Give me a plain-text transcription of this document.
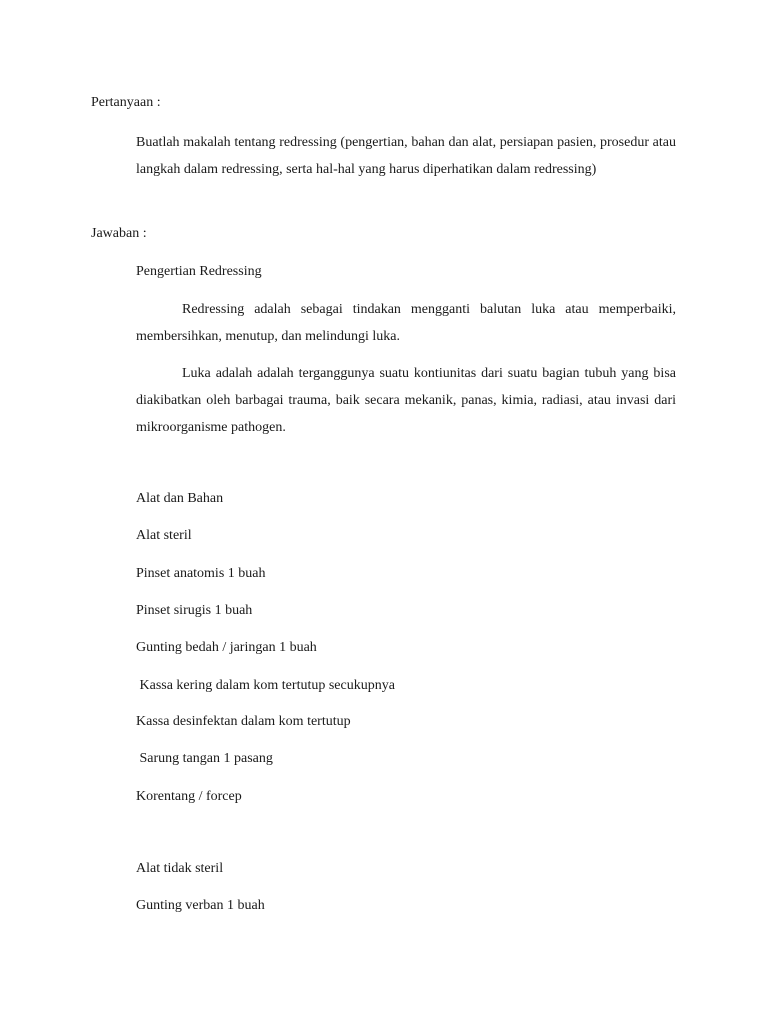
Pertanyaan :

Buatlah makalah tentang redressing (pengertian, bahan dan alat, persiapan pasien, prosedur atau langkah dalam redressing, serta hal-hal yang harus diperhatikan dalam redressing)

Jawaban :
Pengertian Redressing

Redressing adalah sebagai tindakan mengganti balutan luka atau memperbaiki, membersihkan, menutup, dan melindungi luka.

Luka adalah adalah terganggunya suatu kontiunitas dari suatu bagian tubuh yang bisa diakibatkan oleh barbagai trauma, baik secara mekanik, panas, kimia, radiasi, atau invasi dari mikroorganisme pathogen.

Alat dan Bahan
Alat steril
Pinset anatomis 1 buah
Pinset sirugis 1 buah
Gunting bedah / jaringan 1 buah
Kassa kering dalam kom tertutup secukupnya
Kassa desinfektan dalam kom tertutup
Sarung tangan 1 pasang
Korentang / forcep
Alat tidak steril
Gunting verban 1 buah
